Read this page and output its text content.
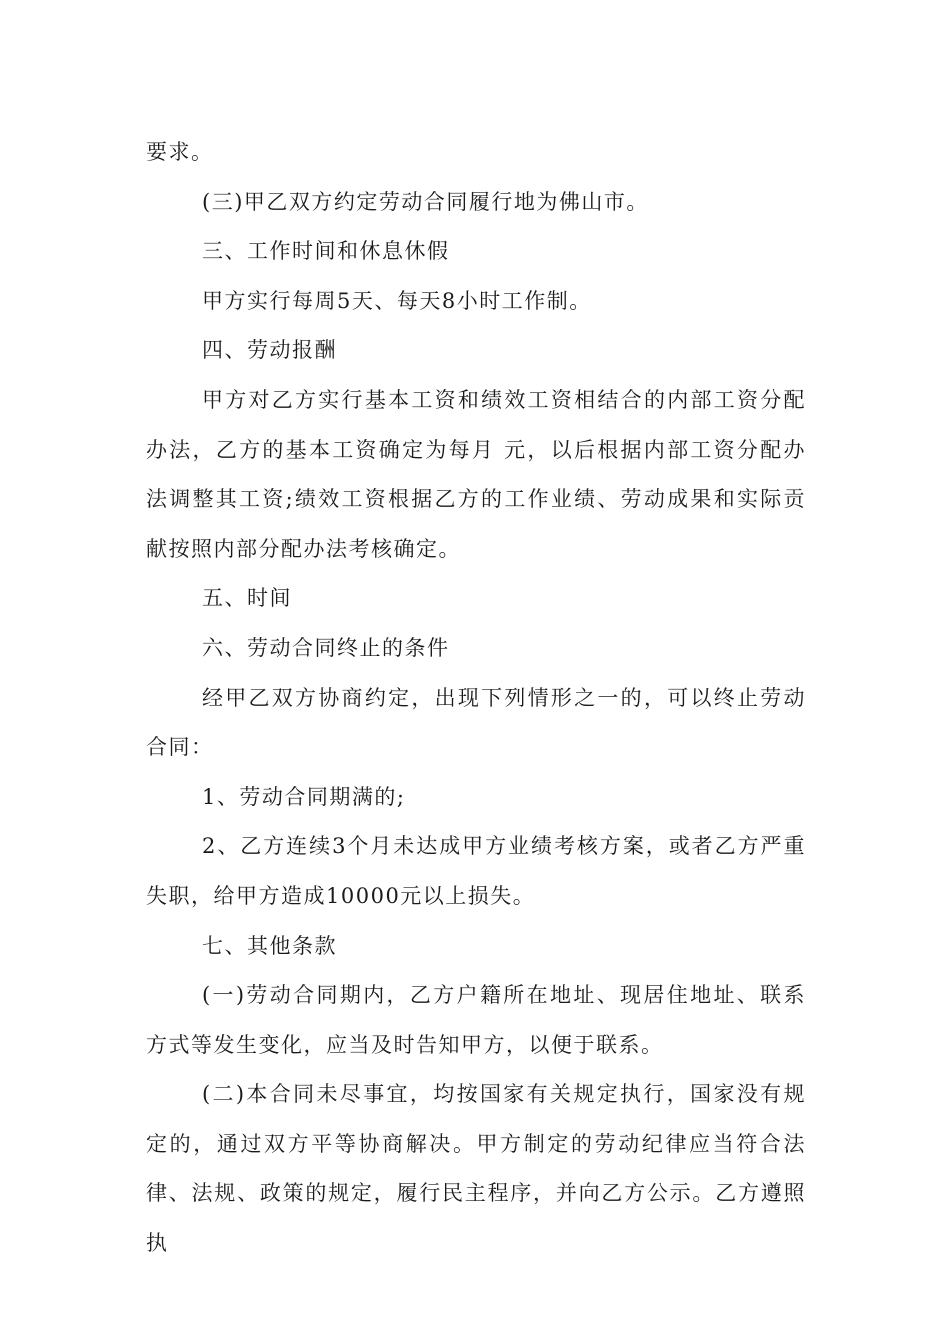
要求。

(三)甲乙双方约定劳动合同履行地为佛山市。

三、工作时间和休息休假

甲方实行每周5天、每天8小时工作制。

四、劳动报酬

甲方对乙方实行基本工资和绩效工资相结合的内部工资分配办法，乙方的基本工资确定为每月 元，以后根据内部工资分配办法调整其工资;绩效工资根据乙方的工作业绩、劳动成果和实际贡献按照内部分配办法考核确定。

五、时间

六、劳动合同终止的条件

经甲乙双方协商约定，出现下列情形之一的，可以终止劳动合同：

1、劳动合同期满的;

2、乙方连续3个月未达成甲方业绩考核方案，或者乙方严重失职，给甲方造成10000元以上损失。

七、其他条款

(一)劳动合同期内，乙方户籍所在地址、现居住地址、联系方式等发生变化，应当及时告知甲方，以便于联系。

(二)本合同未尽事宜，均按国家有关规定执行，国家没有规定的，通过双方平等协商解决。甲方制定的劳动纪律应当符合法律、法规、政策的规定，履行民主程序，并向乙方公示。乙方遵照执
